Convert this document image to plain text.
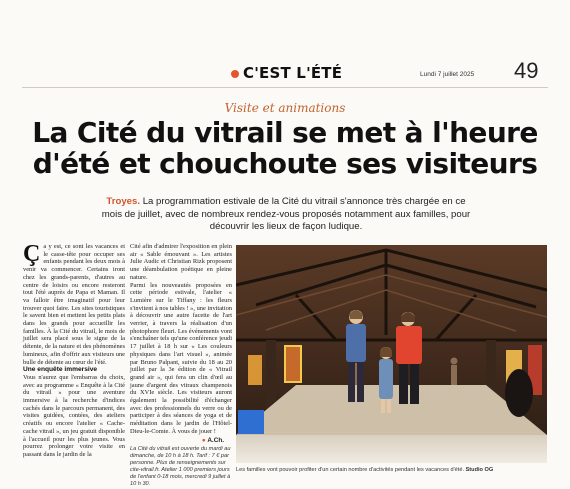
C'EST L'ÉTÉ	Lundi 7 juillet 2025 49
Visite et animations
La Cité du vitrail se met à l'heure d'été et chouchoute ses visiteurs

Troyes. La programmation estivale de la Cité du vitrail s'annonce très chargée en ce mois de juillet, avec de nombreux rendez-vous proposés notamment aux familles, pour découvrir les lieux de façon ludique.

Ça y est, ce sont les vacances et le casse-tête pour occuper ses enfants pendant les deux mois à venir va commencer. Certains iront chez les grands-parents, d'autres au centre de loisirs ou encore resteront tout l'été auprès de Papa et Maman. Il va falloir être imaginatif pour leur trouver quoi faire. Les sites touristiques le savent bien et mettent les petits plats dans les grands pour accueillir les familles. À la Cité du vitrail, le mois de juillet sera placé sous le signe de la détente, de la nature et des phénomènes lumineux, afin d'offrir aux visiteurs une bulle de détente au cœur de l'été.

Une enquête immersive

Vous n'aurez que l'embarras du choix, avec au programme « Enquête à la Cité du vitrail » pour une aventure immersive à la recherche d'indices cachés dans le parcours permanent, des visites guidées, contées, des ateliers créatifs ou encore l'atelier « Cache-cache vitrail », un jeu gratuit disponible à l'accueil pour les plus jeunes. Vous pourrez prolonger votre visite en passant dans le jardin de la

Cité afin d'admirer l'exposition en plein air « Sable émouvant ». Les artistes Julie Audic et Christian Rizk proposent une déambulation poétique en pleine nature.

Parmi les nouveautés proposées en cette période estivale, l'atelier « Lumière sur le Tiffany : les fleurs s'invitent à nos tables ! », une invitation à découvrir une autre facette de l'art verrier, à travers la réalisation d'un photophore fleuri. Les événements vont s'enchaîner tels qu'une conférence jeudi 17 juillet à 18 h sur « Les couleurs physiques dans l'art visuel », animée par Bruno Palpant, suivie du 18 au 20 juillet par la 3e édition de « Vitrail grand air », qui fera un clin d'œil au jaune d'argent des vitraux champenois du XVIe siècle. Les visiteurs auront également la possibilité d'échanger avec des professionnels du verre ou de participer à des séances de yoga et de méditation dans le jardin de l'Hôtel-Dieu-le-Comte. À vous de jouer !

● A.Ch.
La Cité du vitrail est ouverte du mardi au dimanche, de 10 h à 18 h. Tarif : 7 € par personne. Plus de renseignements sur cite-vitrail.fr. Atelier 1 000 premiers jours de l'enfant 0-18 mois, mercredi 9 juillet à 10 h 30.
Les familles vont pouvoir profiter d'un certain nombre d'activités pendant les vacances d'été. Studio OG
